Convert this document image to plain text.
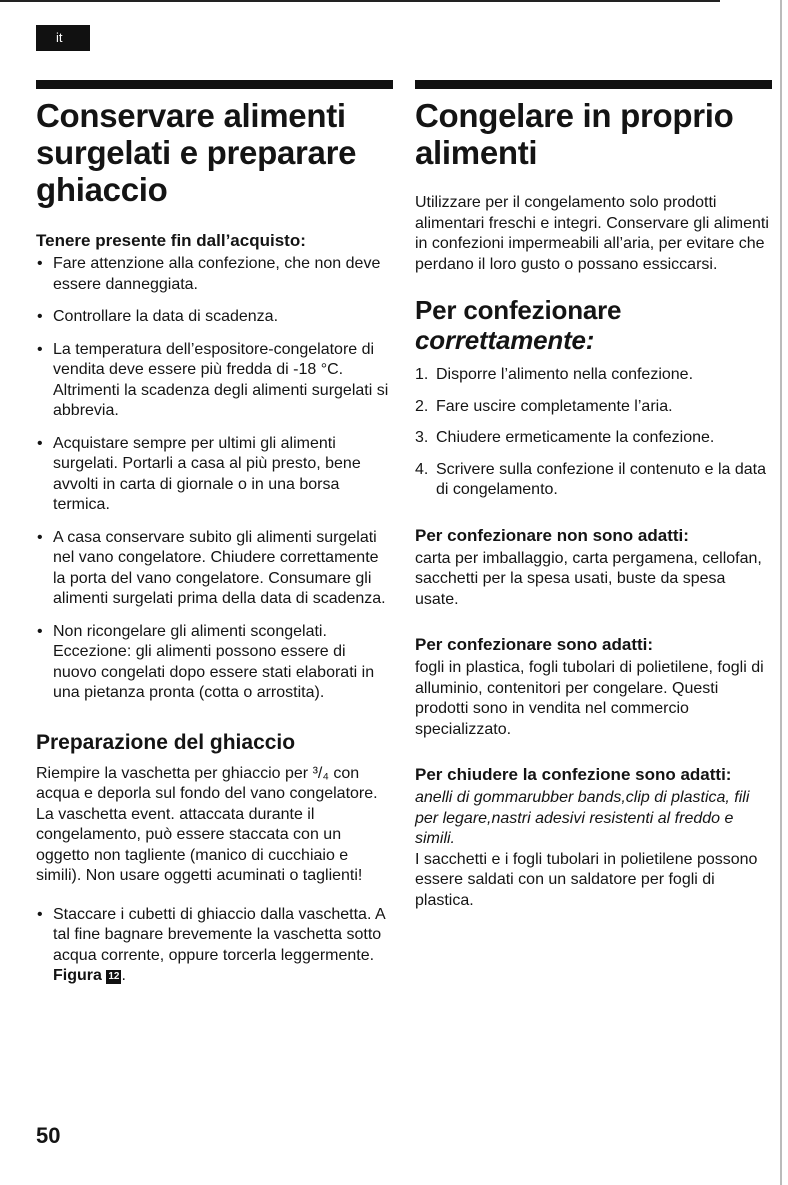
it
Conservare alimenti surgelati e preparare ghiaccio
Tenere presente fin dall’acquisto:
• Fare attenzione alla confezione, che non deve essere danneggiata.
• Controllare la data di scadenza.
• La temperatura dell’espositore-congelatore di vendita deve essere più fredda di -18 °C. Altrimenti la scadenza degli alimenti surgelati si abbrevia.
• Acquistare sempre per ultimi gli alimenti surgelati. Portarli a casa al più presto, bene avvolti in carta di giornale o in una borsa termica.
• A casa conservare subito gli alimenti surgelati nel vano congelatore. Chiudere correttamente la porta del vano congelatore. Consumare gli alimenti surgelati prima della data di scadenza.
• Non ricongelare gli alimenti scongelati. Eccezione: gli alimenti possono essere di nuovo congelati dopo essere stati elaborati in una pietanza pronta (cotta o arrostita).
Preparazione del ghiaccio

Riempire la vaschetta per ghiaccio per ³/₄ con acqua e deporla sul fondo del vano congelatore. La vaschetta event. attaccata durante il congelamento, può essere staccata con un oggetto non tagliente (manico di cucchiaio e simili). Non usare oggetti acuminati o taglienti!

• Staccare i cubetti di ghiaccio dalla vaschetta. A tal fine bagnare brevemente la vaschetta sotto acqua corrente, oppure torcerla leggermente. Figura 12 .
Congelare in proprio alimenti

Utilizzare per il congelamento solo prodotti alimentari freschi e integri. Conservare gli alimenti in confezioni impermeabili all’aria, per evitare che perdano il loro gusto o possano essiccarsi.

Per confezionare
correttamente:
1. Disporre l’alimento nella confezione.
2. Fare uscire completamente l’aria.
3. Chiudere ermeticamente la confezione.
4. Scrivere sulla confezione il contenuto e la data di congelamento.
Per confezionare non sono adatti:

carta per imballaggio, carta pergamena, cellofan, sacchetti per la spesa usati, buste da spesa usate.

Per confezionare sono adatti:

fogli in plastica, fogli tubolari di polietilene, fogli di alluminio, contenitori per congelare. Questi prodotti sono in vendita nel commercio specializzato.

Per chiudere la confezione sono adatti:

anelli di gommarubber bands,clip di plastica, fili per legare,nastri adesivi resistenti al freddo e simili.

I sacchetti e i fogli tubolari in polietilene possono essere saldati con un saldatore per fogli di plastica.

50
